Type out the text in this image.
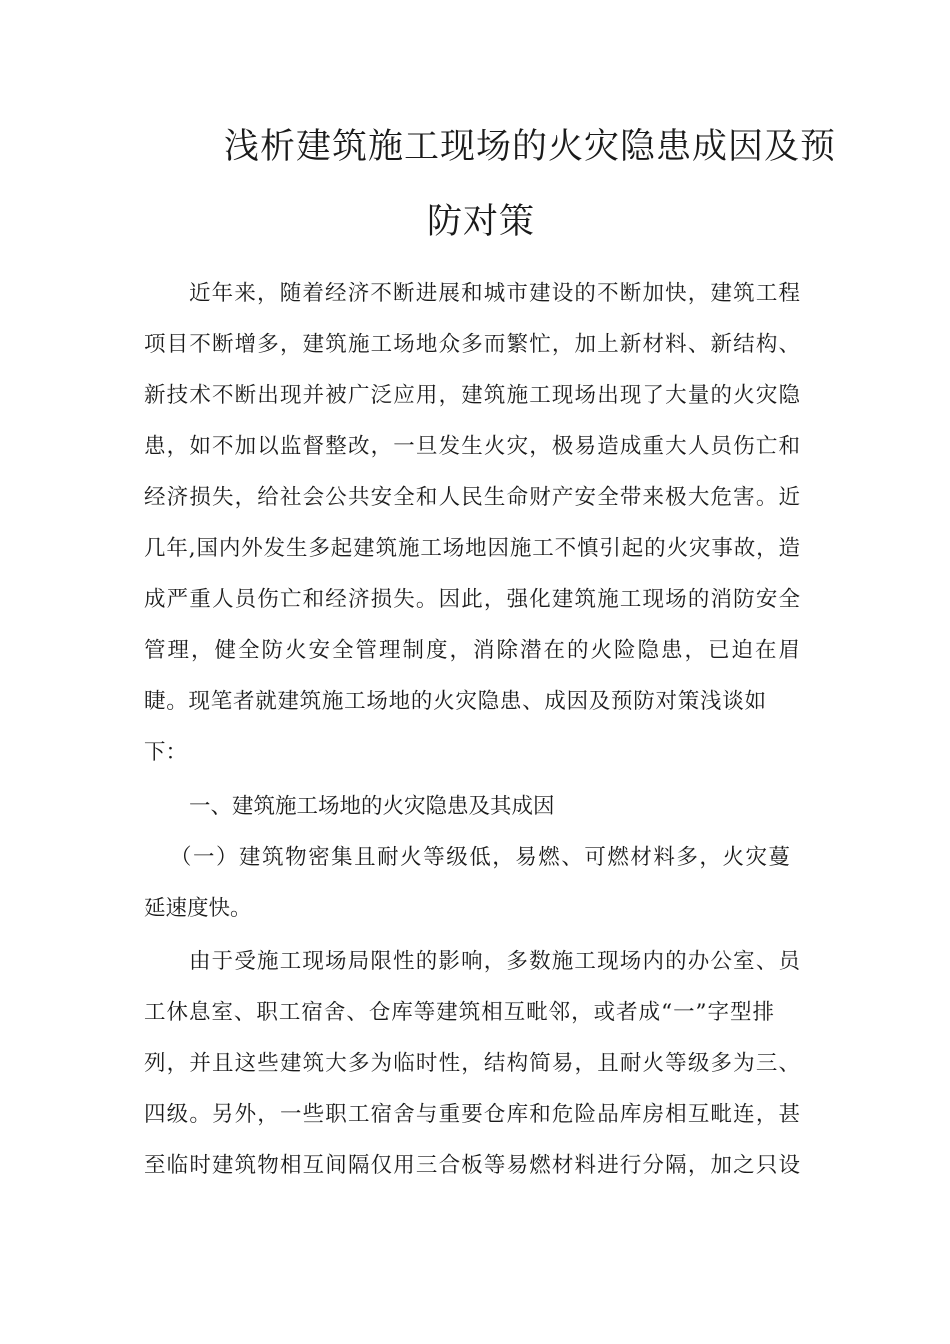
浅析建筑施工现场的火灾隐患成因及预
防对策
近年来，随着经济不断进展和城市建设的不断加快，建筑工程
项目不断增多，建筑施工场地众多而繁忙，加上新材料、新结构、
新技术不断出现并被广泛应用，建筑施工现场出现了大量的火灾隐
患，如不加以监督整改，一旦发生火灾，极易造成重大人员伤亡和
经济损失，给社会公共安全和人民生命财产安全带来极大危害。近
几年,国内外发生多起建筑施工场地因施工不慎引起的火灾事故，造
成严重人员伤亡和经济损失。因此，强化建筑施工现场的消防安全
管理，健全防火安全管理制度，消除潜在的火险隐患，已迫在眉
睫。现笔者就建筑施工场地的火灾隐患、成因及预防对策浅谈如
下：
一、建筑施工场地的火灾隐患及其成因
（一）建筑物密集且耐火等级低，易燃、可燃材料多，火灾蔓
延速度快。
由于受施工现场局限性的影响，多数施工现场内的办公室、员
工休息室、职工宿舍、仓库等建筑相互毗邻，或者成“一”字型排
列，并且这些建筑大多为临时性，结构简易，且耐火等级多为三、
四级。另外，一些职工宿舍与重要仓库和危险品库房相互毗连，甚
至临时建筑物相互间隔仅用三合板等易燃材料进行分隔，加之只设
